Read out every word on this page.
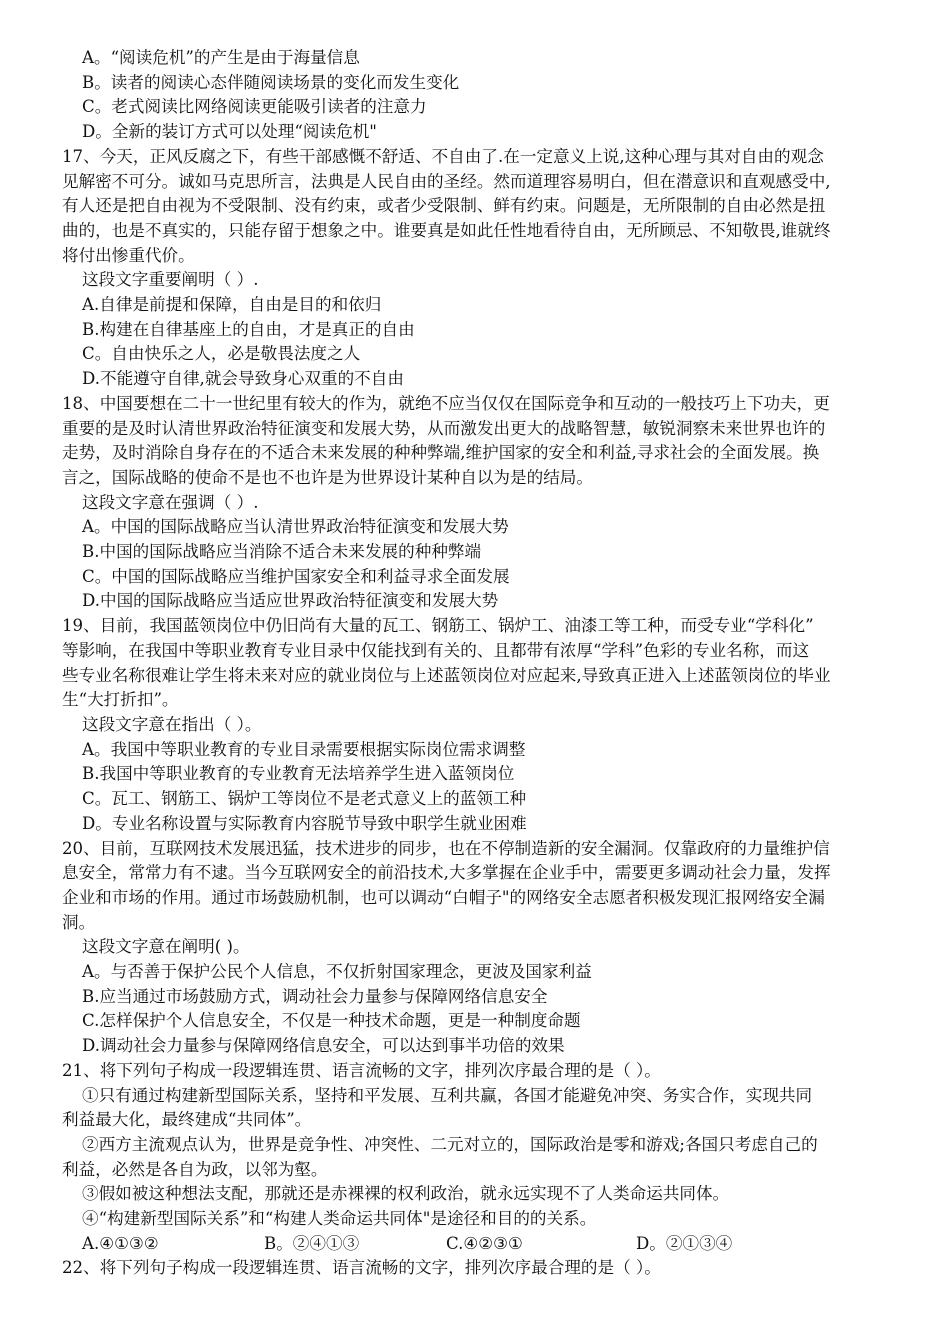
A。“阅读危机”的产生是由于海量信息
B。读者的阅读心态伴随阅读场景的变化而发生变化
C。老式阅读比网络阅读更能吸引读者的注意力
D。全新的装订方式可以处理“阅读危机"
17、今天，正风反腐之下，有些干部感慨不舒适、不自由了.在一定意义上说,这种心理与其对自由的观念
见解密不可分。诚如马克思所言，法典是人民自由的圣经。然而道理容易明白，但在潜意识和直观感受中,
有人还是把自由视为不受限制、没有约束，或者少受限制、鲜有约束。问题是，无所限制的自由必然是扭
曲的，也是不真实的，只能存留于想象之中。谁要真是如此任性地看待自由，无所顾忌、不知敬畏,谁就终
将付出惨重代价。
这段文字重要阐明（ ）.
A.自律是前提和保障，自由是目的和依归
B.构建在自律基座上的自由，才是真正的自由
C。自由快乐之人，必是敬畏法度之人
D.不能遵守自律,就会导致身心双重的不自由
18、中国要想在二十一世纪里有较大的作为，就绝不应当仅仅在国际竞争和互动的一般技巧上下功夫，更
重要的是及时认清世界政治特征演变和发展大势，从而激发出更大的战略智慧，敏锐洞察未来世界也许的
走势，及时消除自身存在的不适合未来发展的种种弊端,维护国家的安全和利益,寻求社会的全面发展。换
言之，国际战略的使命不是也不也许是为世界设计某种自以为是的结局。
这段文字意在强调（ ）.
A。中国的国际战略应当认清世界政治特征演变和发展大势
B.中国的国际战略应当消除不适合未来发展的种种弊端
C。中国的国际战略应当维护国家安全和利益寻求全面发展
D.中国的国际战略应当适应世界政治特征演变和发展大势
19、目前，我国蓝领岗位中仍旧尚有大量的瓦工、钢筋工、锅炉工、油漆工等工种，而受专业“学科化”
等影响，在我国中等职业教育专业目录中仅能找到有关的、且都带有浓厚“学科”色彩的专业名称，而这
些专业名称很难让学生将未来对应的就业岗位与上述蓝领岗位对应起来,导致真正进入上述蓝领岗位的毕业
生“大打折扣”。
这段文字意在指出（ ）。
A。我国中等职业教育的专业目录需要根据实际岗位需求调整
B.我国中等职业教育的专业教育无法培养学生进入蓝领岗位
C。瓦工、钢筋工、锅炉工等岗位不是老式意义上的蓝领工种
D。专业名称设置与实际教育内容脱节导致中职学生就业困难
20、目前，互联网技术发展迅猛，技术进步的同步，也在不停制造新的安全漏洞。仅靠政府的力量维护信
息安全，常常力有不逮。当今互联网安全的前沿技术,大多掌握在企业手中，需要更多调动社会力量，发挥
企业和市场的作用。通过市场鼓励机制，也可以调动“白帽子"的网络安全志愿者积极发现汇报网络安全漏
洞。
这段文字意在阐明( )。
A。与否善于保护公民个人信息，不仅折射国家理念，更波及国家利益
B.应当通过市场鼓励方式，调动社会力量参与保障网络信息安全
C.怎样保护个人信息安全，不仅是一种技术命题，更是一种制度命题
D.调动社会力量参与保障网络信息安全，可以达到事半功倍的效果
21、将下列句子构成一段逻辑连贯、语言流畅的文字，排列次序最合理的是（ ）。
①只有通过构建新型国际关系，坚持和平发展、互利共赢，各国才能避免冲突、务实合作，实现共同
利益最大化，最终建成“共同体”。
②西方主流观点认为，世界是竞争性、冲突性、二元对立的，国际政治是零和游戏;各国只考虑自己的
利益，必然是各自为政，以邻为壑。
③假如被这种想法支配，那就还是赤裸裸的权利政治，就永远实现不了人类命运共同体。
④“构建新型国际关系”和“构建人类命运共同体"是途径和目的的关系。
A.④①③②	B。②④①③	C.④②③①	D。②①③④
22、将下列句子构成一段逻辑连贯、语言流畅的文字，排列次序最合理的是（ ）。
